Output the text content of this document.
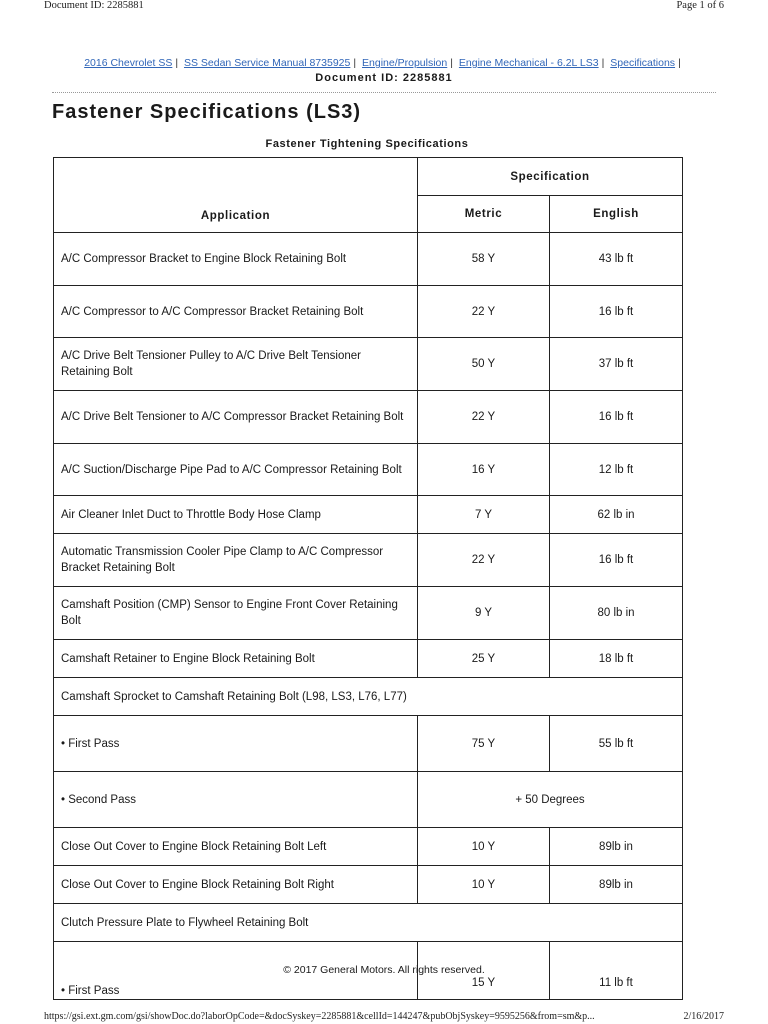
Document ID: 2285881	Page 1 of 6
2016 Chevrolet SS | SS Sedan Service Manual 8735925 | Engine/Propulsion | Engine Mechanical - 6.2L LS3 | Specifications |
Document ID: 2285881
Fastener Specifications (LS3)
Fastener Tightening Specifications
Application	Specification	
	Metric	English
A/C Compressor Bracket to Engine Block Retaining Bolt	58 Y	43 lb ft
A/C Compressor to A/C Compressor Bracket Retaining Bolt	22 Y	16 lb ft
A/C Drive Belt Tensioner Pulley to A/C Drive Belt Tensioner Retaining Bolt	50 Y	37 lb ft
A/C Drive Belt Tensioner to A/C Compressor Bracket Retaining Bolt	22 Y	16 lb ft
A/C Suction/Discharge Pipe Pad to A/C Compressor Retaining Bolt	16 Y	12 lb ft
Air Cleaner Inlet Duct to Throttle Body Hose Clamp	7 Y	62 lb in
Automatic Transmission Cooler Pipe Clamp to A/C Compressor Bracket Retaining Bolt	22 Y	16 lb ft
Camshaft Position (CMP) Sensor to Engine Front Cover Retaining Bolt	9 Y	80 lb in
Camshaft Retainer to Engine Block Retaining Bolt	25 Y	18 lb ft
Camshaft Sprocket to Camshaft Retaining Bolt (L98, LS3, L76, L77)		
• First Pass	75 Y	55 lb ft
• Second Pass	+ 50 Degrees	
Close Out Cover to Engine Block Retaining Bolt Left	10 Y	89lb in
Close Out Cover to Engine Block Retaining Bolt Right	10 Y	89lb in
Clutch Pressure Plate to Flywheel Retaining Bolt		
• First Pass	15 Y	11 lb ft
© 2017 General Motors. All rights reserved.
https://gsi.ext.gm.com/gsi/showDoc.do?laborOpCode=&docSyskey=2285881&cellId=144247&pubObjSyskey=9595256&from=sm&p...	2/16/2017
